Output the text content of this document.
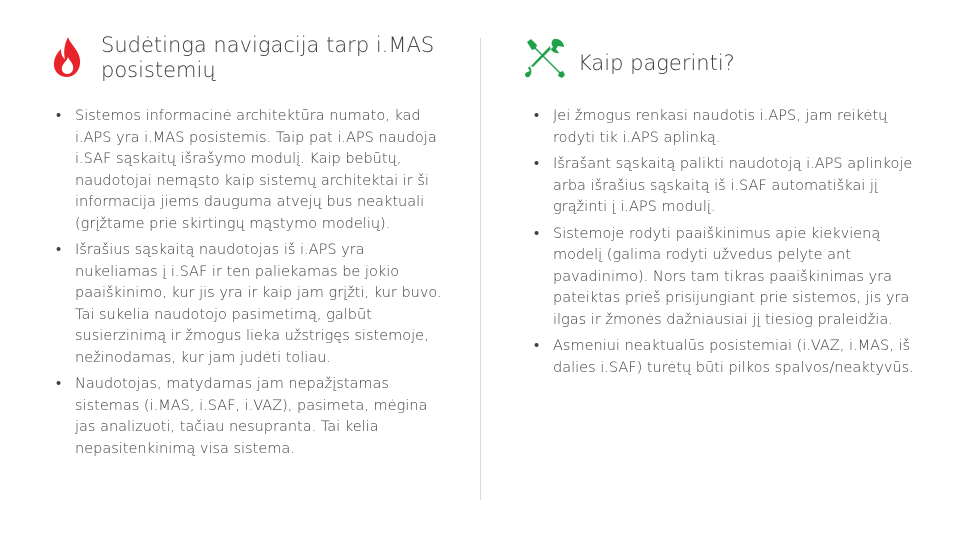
Sudėtinga navigacija tarp i.MAS posistemių
• Sistemos informacinė architektūra numato, kad i.APS yra i.MAS posistemis. Taip pat i.APS naudoja i.SAF sąskaitų išrašymo modulį. Kaip bebūtų, naudotojai nemąsto kaip sistemų architektai ir ši informacija jiems dauguma atvejų bus neaktuali (grįžtame prie skirtingų mąstymo modelių).
• Išrašius sąskaitą naudotojas iš i.APS yra nukeliamas į i.SAF ir ten paliekamas be jokio paaiškinimo, kur jis yra ir kaip jam grįžti, kur buvo. Tai sukelia naudotojo pasimetimą, galbūt susierzinimą ir žmogus lieka užstrigęs sistemoje, nežinodamas, kur jam judėti toliau.
• Naudotojas, matydamas jam nepažįstamas sistemas (i.MAS, i.SAF, i.VAZ), pasimeta, mėgina jas analizuoti, tačiau nesupranta. Tai kelia nepasitenkinimą visa sistema.
Kaip pagerinti?
• Jei žmogus renkasi naudotis i.APS, jam reikėtų rodyti tik i.APS aplinką.
• Išrašant sąskaitą palikti naudotoją i.APS aplinkoje arba išrašius sąskaitą iš i.SAF automatiškai jį grąžinti į i.APS modulį.
• Sistemoje rodyti paaiškinimus apie kiekvieną modelį (galima rodyti užvedus pelyte ant pavadinimo). Nors tam tikras paaiškinimas yra pateiktas prieš prisijungiant prie sistemos, jis yra ilgas ir žmonės dažniausiai jį tiesiog praleidžia.
• Asmeniui neaktualūs posistemiai (i.VAZ, i.MAS, iš dalies i.SAF) turėtų būti pilkos spalvos/neaktyvūs.
